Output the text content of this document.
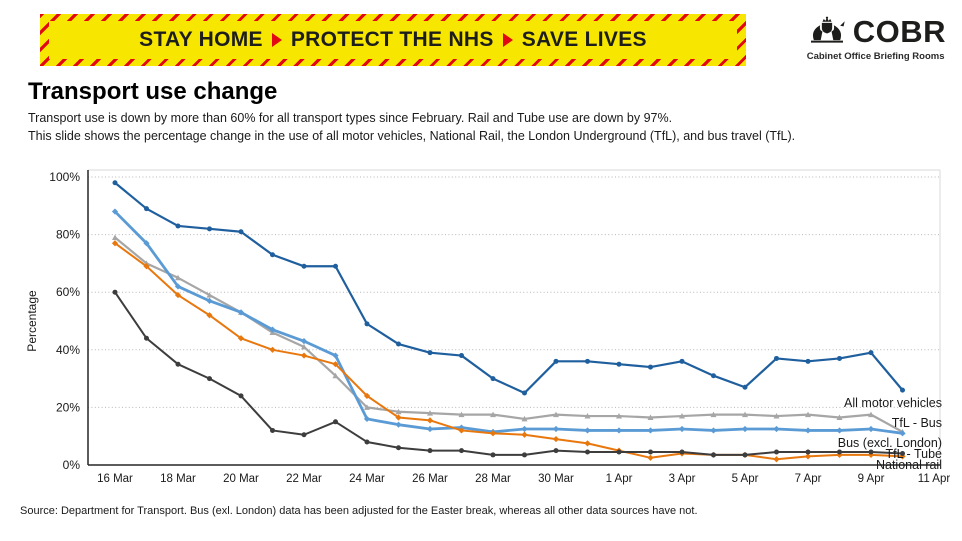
STAY HOME PROTECT THE NHS SAVE LIVES	COBR
Cabinet Office Briefing Rooms
Transport use change

Transport use is down by more than 60% for all transport types since February. Rail and Tube use are down by 97%.

This slide shows the percentage change in the use of all motor vehicles, National Rail, the London Underground (TfL), and bus travel (TfL).

0%
20%
40%
60%
80%
100%
Percentage
16 Mar 18 Mar 20 Mar 22 Mar 24 Mar 26 Mar 28 Mar 30 Mar	1 Apr	3 Apr	5 Apr	7 Apr	9 Apr	11 Apr
TfL - Bus
Bus (excl. London)
National rail
TfL - Tube
All motor vehicles
Source: Department for Transport. Bus (exl. London) data has been adjusted for the Easter break, whereas all other data sources have not.
